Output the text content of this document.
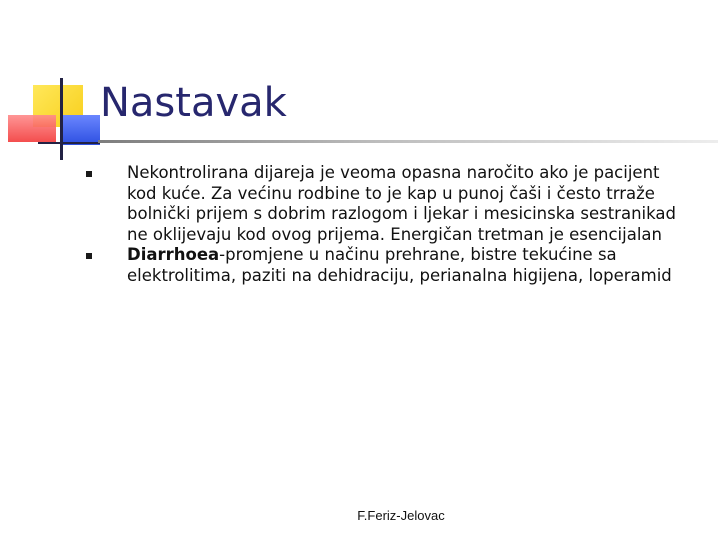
Nastavak
Nekontrolirana dijareja je veoma opasna naročito ako je pacijent kod kuće. Za većinu rodbine to je kap u punoj čaši i često trraže bolnički prijem s dobrim razlogom i ljekar i mesicinska sestranikad ne oklijevaju kod ovog prijema. Energičan tretman je esencijalan
Diarrhoea-promjene u načinu prehrane, bistre tekućine sa elektrolitima, paziti na dehidraciju, perianalna higijena, loperamid
F.Feriz-Jelovac
